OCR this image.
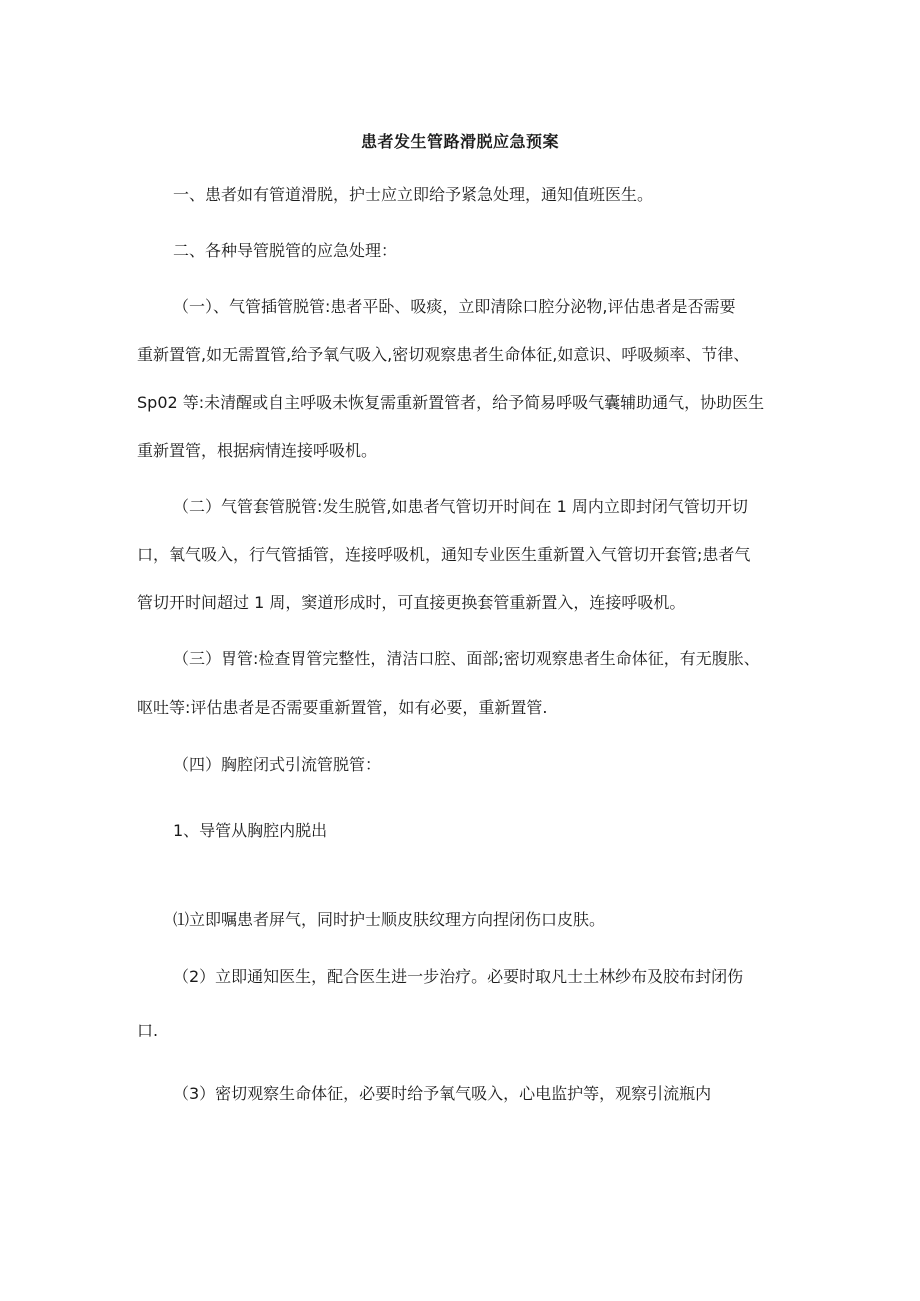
患者发生管路滑脱应急预案
一、患者如有管道滑脱，护士应立即给予紧急处理，通知值班医生。
二、各种导管脱管的应急处理：
（一）、气管插管脱管:患者平卧、吸痰，立即清除口腔分泌物,评估患者是否需要
重新置管,如无需置管,给予氧气吸入,密切观察患者生命体征,如意识、呼吸频率、节律、
Sp02 等:未清醒或自主呼吸未恢复需重新置管者，给予简易呼吸气囊辅助通气，协助医生
重新置管，根据病情连接呼吸机。
（二）气管套管脱管:发生脱管,如患者气管切开时间在 1 周内立即封闭气管切开切
口，氧气吸入，行气管插管，连接呼吸机，通知专业医生重新置入气管切开套管;患者气
管切开时间超过 1 周，窦道形成时，可直接更换套管重新置入，连接呼吸机。
（三）胃管:检查胃管完整性，清洁口腔、面部;密切观察患者生命体征，有无腹胀、
呕吐等:评估患者是否需要重新置管，如有必要，重新置管.
（四）胸腔闭式引流管脱管：
1、导管从胸腔内脱出
⑴立即嘱患者屏气，同时护士顺皮肤纹理方向捏闭伤口皮肤。
（2）立即通知医生，配合医生进一步治疗。必要时取凡士土林纱布及胶布封闭伤
口.
（3）密切观察生命体征，必要时给予氧气吸入，心电监护等，观察引流瓶内
